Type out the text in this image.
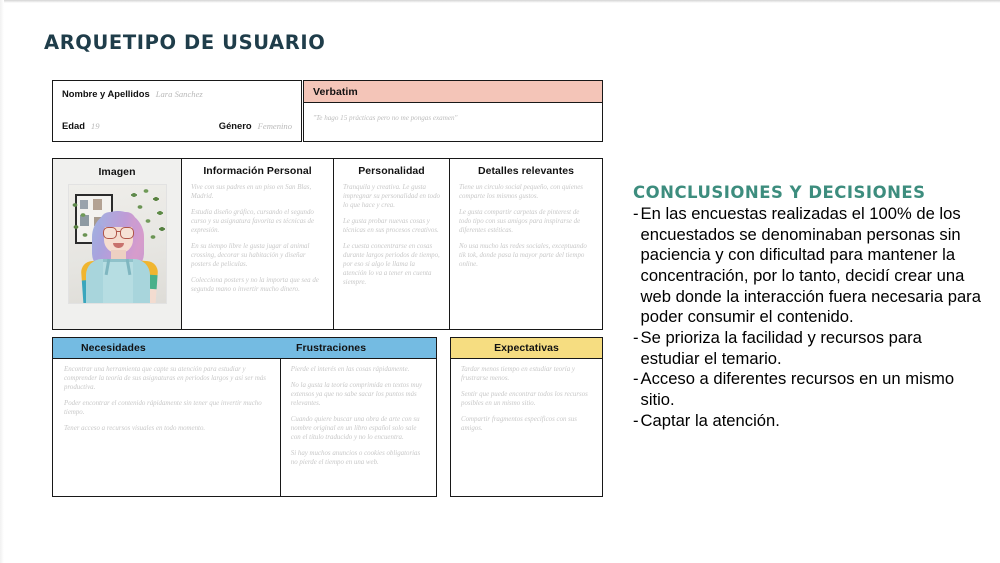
ARQUETIPO DE USUARIO
Nombre y Apellidos Lara Sanchez
Edad 19	Género Femenino
Verbatim
"Te hago 15 prácticas pero no me pongas examen"
Imagen	Información Personal

Vive con sus padres en un piso en San Blas, Madrid.

Estudia diseño gráfico, cursando el segundo curso y su asignatura favorita es técnicas de expresión.

En su tiempo libre le gusta jugar al animal crossing, decorar su habitación y diseñar posters de peliculas.

Colecciona posters y no la importa que sea de segunda mano o invertir mucho dinero.

Personalidad

Tranquila y creativa. Le gusta impregnar su personalidad en todo lo que hace y crea.

Le gusta probar nuevas cosas y técnicas en sus procesos creativos.

Le cuesta concentrarse en cosas durante largos periodos de tiempo, por eso si algo le llama la atención lo va a tener en cuenta siempre.

Detalles relevantes

Tiene un circulo social pequeño, con quienes comparte los mismos gustos.

Le gusta compartir carpetas de pinterest de todo tipo con sus amigos para inspirarse de diferentes estéticas.

No usa mucho las redes sociales, exceptuando tik tok, donde pasa la mayor parte del tiempo online.

Necesidades	Frustraciones

Encontrar una herramienta que capte su atención para estudiar y comprender la teoría de sus asignaturas en periodos largos y asi ser más productiva.

Poder encontrar el contenido rápidamente sin tener que invertir mucho tiempo.

Tener acceso a recursos visuales en todo momento.

Pierde el interés en las cosas rápidamente.

No la gusta la teoría comprimida en textos muy extensos ya que no sabe sacar los puntos más relevantes.

Cuando quiere buscar una obra de arte con su nombre original en un libro español solo sale con el título traducido y no lo encuentra.

Si hay muchos anuncios o cookies obligatorias no pierde el tiempo en una web.

Expectativas

Tardar menos tiempo en estudiar teoría y frustrarse menos.

Sentir que puede encontrar todos los recursos posibles en un mismo sitio.

Compartir fragmentos especificos con sus amigos.

CONCLUSIONES Y DECISIONES
- En las encuestas realizadas el 100% de los encuestados se denominaban personas sin paciencia y con dificultad para mantener la concentración, por lo tanto, decidí crear una web donde la interacción fuera necesaria para poder consumir el contenido.
- Se prioriza la facilidad y recursos para estudiar el temario.
- Acceso a diferentes recursos en un mismo sitio.
- Captar la atención.
